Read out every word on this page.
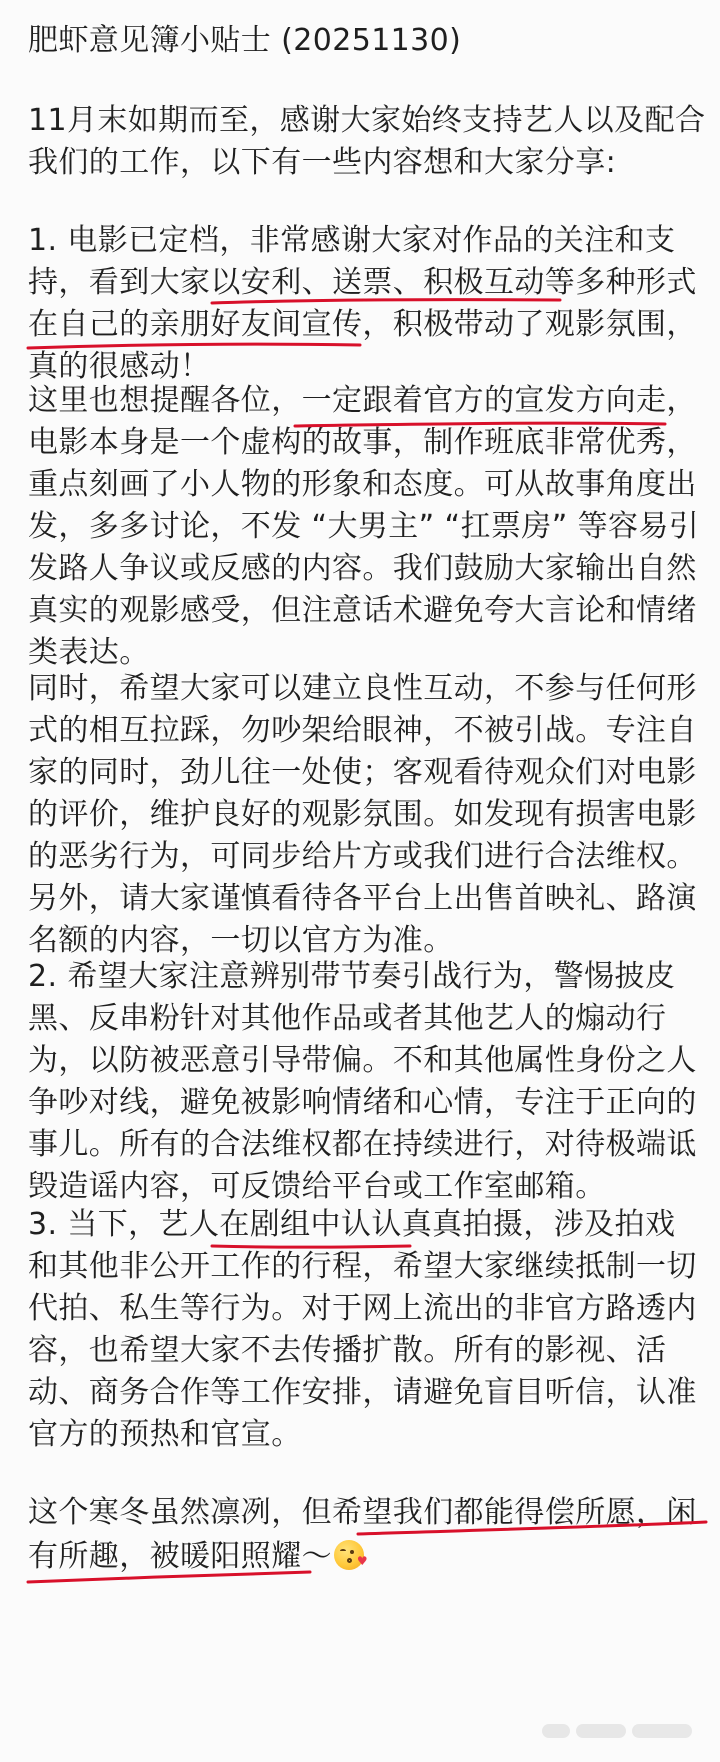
肥虾意见簿小贴士 (20251130)
11月末如期而至，感谢大家始终支持艺人以及配合
我们的工作，以下有一些内容想和大家分享:
1. 电影已定档，非常感谢大家对作品的关注和支
持，看到大家以安利、送票、积极互动等多种形式
在自己的亲朋好友间宣传，积极带动了观影氛围，
真的很感动！
这里也想提醒各位，一定跟着官方的宣发方向走，
电影本身是一个虚构的故事，制作班底非常优秀，
重点刻画了小人物的形象和态度。可从故事角度出
发，多多讨论，不发 “大男主” “扛票房” 等容易引
发路人争议或反感的内容。我们鼓励大家输出自然
真实的观影感受，但注意话术避免夸大言论和情绪
类表达。
同时，希望大家可以建立良性互动，不参与任何形
式的相互拉踩，勿吵架给眼神，不被引战。专注自
家的同时，劲儿往一处使；客观看待观众们对电影
的评价，维护良好的观影氛围。如发现有损害电影
的恶劣行为，可同步给片方或我们进行合法维权。
另外，请大家谨慎看待各平台上出售首映礼、路演
名额的内容，一切以官方为准。
2. 希望大家注意辨别带节奏引战行为，警惕披皮
黑、反串粉针对其他作品或者其他艺人的煽动行
为，以防被恶意引导带偏。不和其他属性身份之人
争吵对线，避免被影响情绪和心情，专注于正向的
事儿。所有的合法维权都在持续进行，对待极端诋
毁造谣内容，可反馈给平台或工作室邮箱。
3. 当下，艺人在剧组中认认真真拍摄，涉及拍戏
和其他非公开工作的行程，希望大家继续抵制一切
代拍、私生等行为。对于网上流出的非官方路透内
容，也希望大家不去传播扩散。所有的影视、活
动、商务合作等工作安排，请避免盲目听信，认准
官方的预热和官宣。
这个寒冬虽然凛冽，但希望我们都能得偿所愿，闲
有所趣，被暖阳照耀～ ♥
